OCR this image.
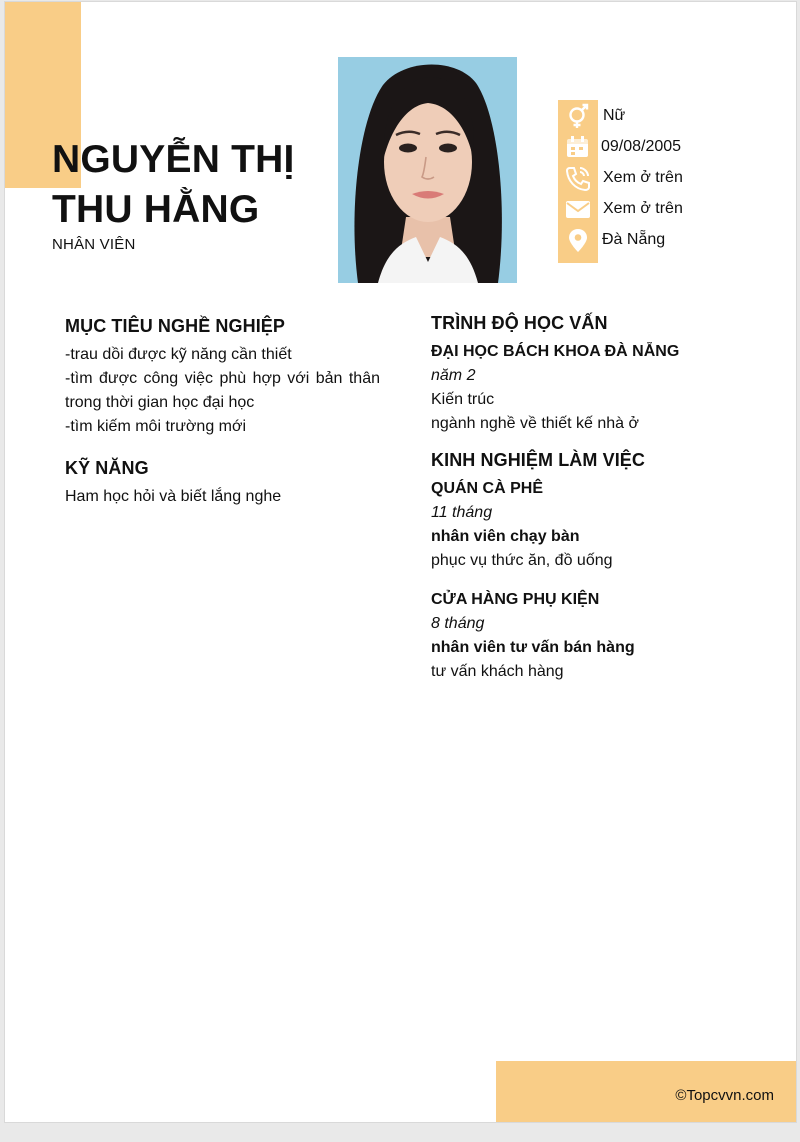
NGUYỄN THỊ
THU HẰNG
NHÂN VIÊN
Nữ
09/08/2005
Xem ở trên
Xem ở trên
Đà Nẵng
MỤC TIÊU NGHỀ NGHIỆP
-trau dồi được kỹ năng cần thiết
-tìm được công việc phù hợp với bản thân trong thời gian học đại học
-tìm kiếm môi trường mới
KỸ NĂNG
Ham học hỏi và biết lắng nghe
TRÌNH ĐỘ HỌC VẤN
ĐẠI HỌC BÁCH KHOA ĐÀ NẴNG
năm 2
Kiến trúc
ngành nghề về thiết kế nhà ở
KINH NGHIỆM LÀM VIỆC
QUÁN CÀ PHÊ
11 tháng
nhân viên chạy bàn
phục vụ thức ăn, đồ uống
CỬA HÀNG PHỤ KIỆN
8 tháng
nhân viên tư vấn bán hàng
tư vấn khách hàng
©Topcvvn.com
